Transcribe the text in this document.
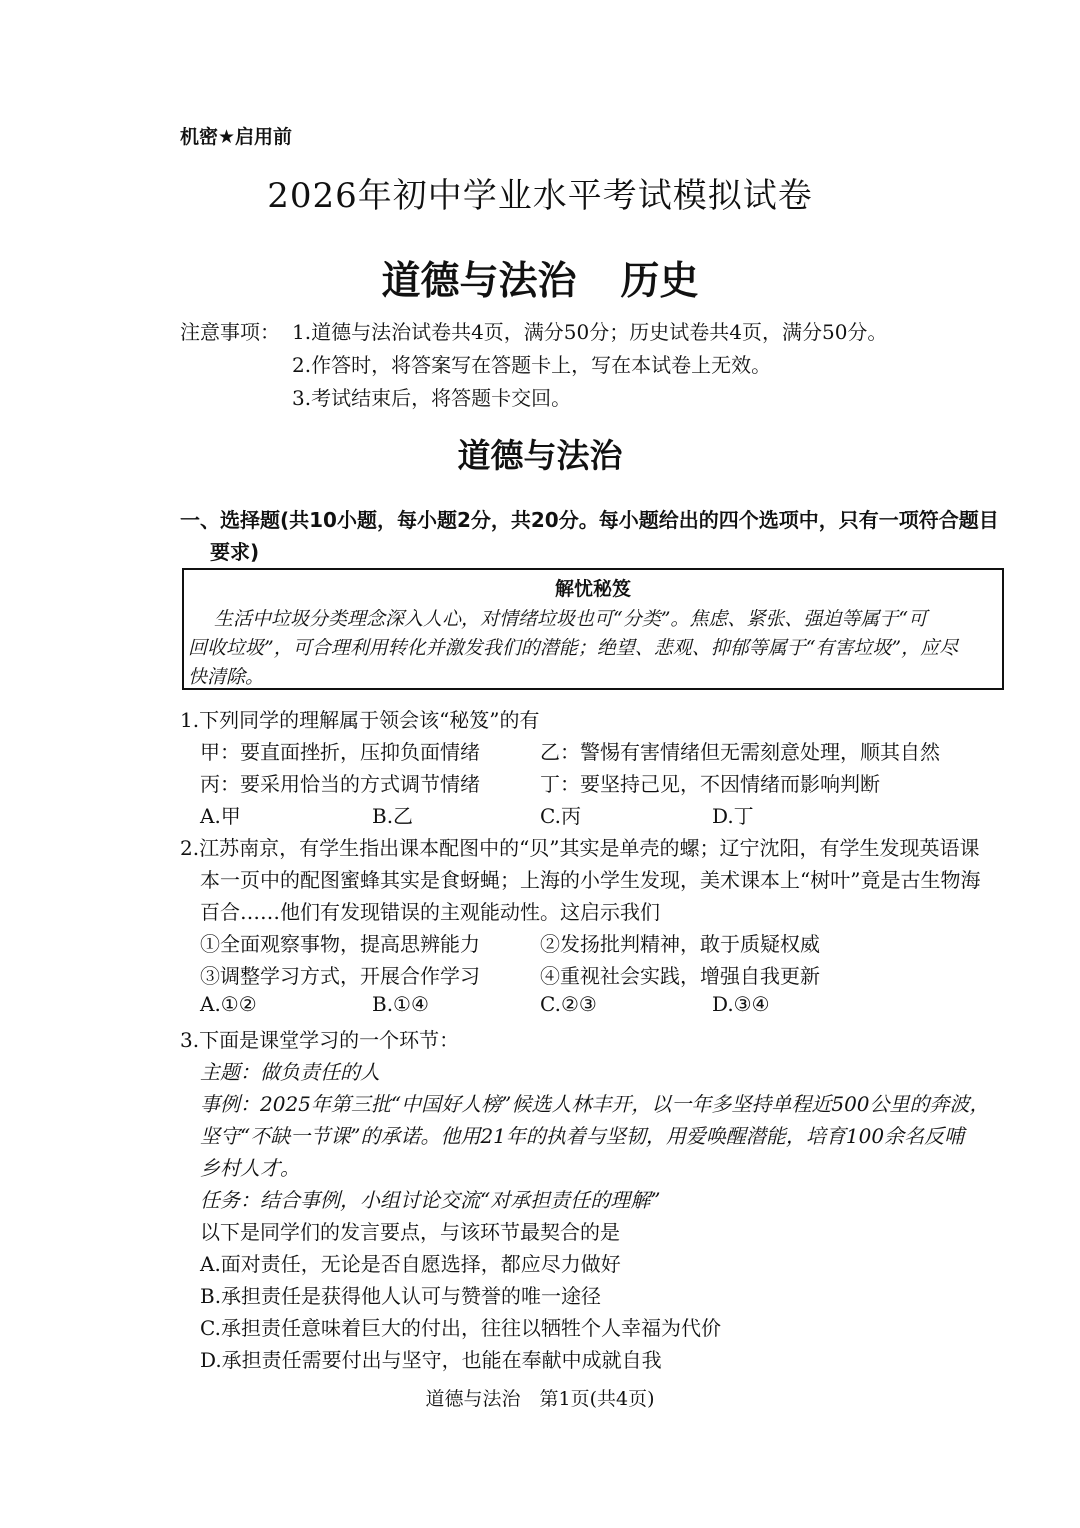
机密★启用前
2026年初中学业水平考试模拟试卷
道德与法治 历史
注意事项： 1.道德与法治试卷共4页，满分50分；历史试卷共4页，满分50分。
2.作答时，将答案写在答题卡上，写在本试卷上无效。
3.考试结束后，将答题卡交回。
道德与法治
一、选择题(共10小题，每小题2分，共20分。每小题给出的四个选项中，只有一项符合题目
要求)
解忧秘笈
生活中垃圾分类理念深入人心，对情绪垃圾也可“分类”。焦虑、紧张、强迫等属于“可
回收垃圾”，可合理利用转化并激发我们的潜能；绝望、悲观、抑郁等属于“有害垃圾”，应尽
快清除。
1.下列同学的理解属于领会该“秘笈”的有
甲：要直面挫折，压抑负面情绪	乙：警惕有害情绪但无需刻意处理，顺其自然
丙：要采用恰当的方式调节情绪	丁：要坚持己见，不因情绪而影响判断
A.甲	B.乙	C.丙	D.丁
2.江苏南京，有学生指出课本配图中的“贝”其实是单壳的螺；辽宁沈阳，有学生发现英语课
本一页中的配图蜜蜂其实是食蚜蝇；上海的小学生发现，美术课本上“树叶”竟是古生物海
百合……他们有发现错误的主观能动性。这启示我们
①全面观察事物，提高思辨能力	②发扬批判精神，敢于质疑权威
③调整学习方式，开展合作学习	④重视社会实践，增强自我更新
A.①②	B.①④	C.②③	D.③④
3.下面是课堂学习的一个环节：
主题：做负责任的人
事例：2025年第三批“中国好人榜”候选人林丰开，以一年多坚持单程近500公里的奔波，
坚守“不缺一节课”的承诺。他用21年的执着与坚韧，用爱唤醒潜能，培育100余名反哺
乡村人才。
任务：结合事例，小组讨论交流“对承担责任的理解”
以下是同学们的发言要点，与该环节最契合的是
A.面对责任，无论是否自愿选择，都应尽力做好
B.承担责任是获得他人认可与赞誉的唯一途径
C.承担责任意味着巨大的付出，往往以牺牲个人幸福为代价
D.承担责任需要付出与坚守，也能在奉献中成就自我
道德与法治　第1页(共4页)
